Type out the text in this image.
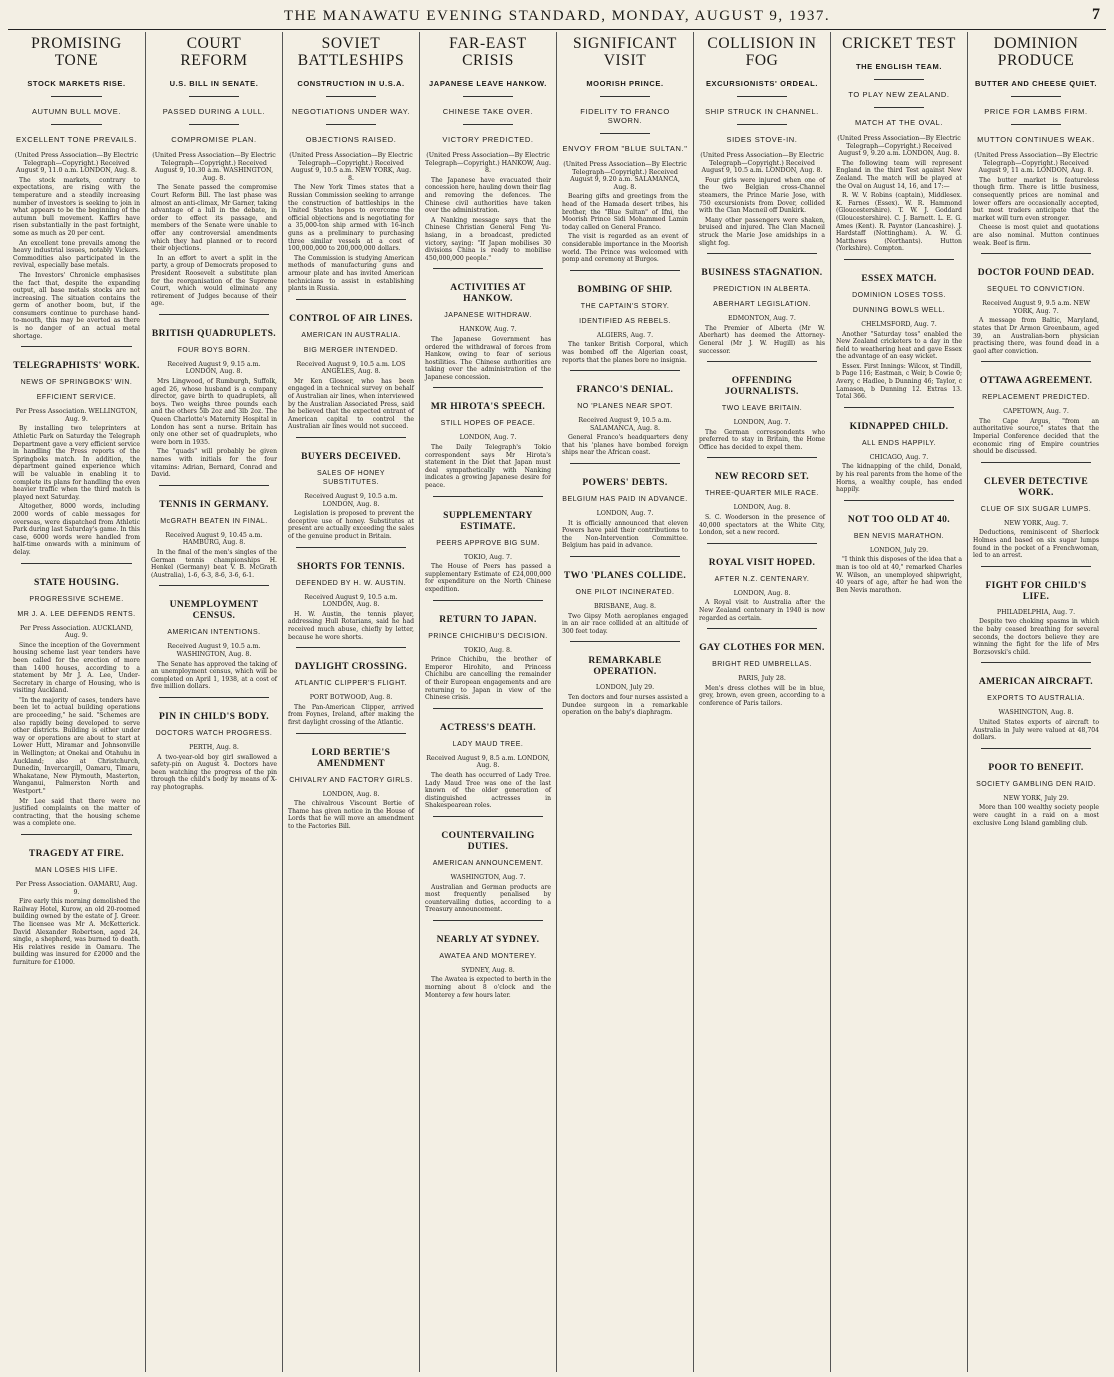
THE MANAWATU EVENING STANDARD, MONDAY, AUGUST 9, 1937.	7
PROMISING TONE
STOCK MARKETS RISE.
AUTUMN BULL MOVE.
EXCELLENT TONE PREVAILS.
(United Press Association—By Electric Telegraph—Copyright.) Received August 9, 11.0 a.m. LONDON, Aug. 8.

The stock markets, contrary to expectations, are rising with the temperature and a steadily increasing number of investors is seeking to join in what appears to be the beginning of the autumn bull movement. Kaffirs have risen substantially in the past fortnight, some as much as 20 per cent.

An excellent tone prevails among the heavy industrial issues, notably Vickers. Commodities also participated in the revival, especially base metals.

The Investors' Chronicle emphasises the fact that, despite the expanding output, all base metals stocks are not increasing. The situation contains the germ of another boom, but, if the consumers continue to purchase hand-to-mouth, this may be averted as there is no danger of an actual metal shortage.

TELEGRAPHISTS' WORK.
NEWS OF SPRINGBOKS' WIN.
EFFICIENT SERVICE.
Per Press Association. WELLINGTON, Aug. 9.

By installing two teleprinters at Athletic Park on Saturday the Telegraph Department gave a very efficient service in handling the Press reports of the Springboks match. In addition, the department gained experience which will be valuable in enabling it to complete its plans for handling the even heavier traffic when the third match is played next Saturday.

Altogether, 8000 words, including 2000 words of cable messages for overseas, were dispatched from Athletic Park during last Saturday's game. In this case, 6000 words were handled from half-time onwards with a minimum of delay.

STATE HOUSING.
PROGRESSIVE SCHEME.
MR J. A. LEE DEFENDS RENTS.
Per Press Association. AUCKLAND, Aug. 9.

Since the inception of the Government housing scheme last year tenders have been called for the erection of more than 1400 houses, according to a statement by Mr J. A. Lee, Under-Secretary in charge of Housing, who is visiting Auckland.

"In the majority of cases, tenders have been let to actual building operations are proceeding," he said. "Schemes are also rapidly being developed to serve other districts. Building is either under way or operations are about to start at Lower Hutt, Miramar and Johnsonville in Wellington; at Onekai and Otahuhu in Auckland; also at Christchurch, Dunedin, Invercargill, Oamaru, Timaru, Whakatane, New Plymouth, Masterton, Wanganui, Palmerston North and Westport."

Mr Lee said that there were no justified complaints on the matter of contracting, that the housing scheme was a complete one.

TRAGEDY AT FIRE.
MAN LOSES HIS LIFE.
Per Press Association. OAMARU, Aug. 9.

Fire early this morning demolished the Railway Hotel, Kurow, an old 20-roomed building owned by the estate of J. Greer. The licensee was Mr A. McKetterick. David Alexander Robertson, aged 24, single, a shepherd, was burned to death. His relatives reside in Oamaru. The building was insured for £2000 and the furniture for £1000.

COURT REFORM
U.S. BILL IN SENATE.
PASSED DURING A LULL.
COMPROMISE PLAN.
(United Press Association—By Electric Telegraph—Copyright.) Received August 9, 10.30 a.m. WASHINGTON, Aug. 8.

The Senate passed the compromise Court Reform Bill. The last phase was almost an anti-climax, Mr Garner, taking advantage of a lull in the debate, in order to effect its passage, and members of the Senate were unable to offer any controversial amendments which they had planned or to record their objections.

In an effort to avert a split in the party, a group of Democrats proposed to President Roosevelt a substitute plan for the reorganisation of the Supreme Court, which would eliminate any retirement of Judges because of their age.

BRITISH QUADRUPLETS.
FOUR BOYS BORN.
Received August 9, 9.15 a.m. LONDON, Aug. 8.

Mrs Lingwood, of Rumburgh, Suffolk, aged 26, whose husband is a company director, gave birth to quadruplets, all boys. Two weighs three pounds each and the others 5lb 2oz and 3lb 2oz. The Queen Charlotte's Maternity Hospital in London has sent a nurse. Britain has only one other set of quadruplets, who were born in 1935.

The "quads" will probably be given names with initials for the four vitamins: Adrian, Bernard, Conrad and David.

TENNIS IN GERMANY.
McGRATH BEATEN IN FINAL.
Received August 9, 10.45 a.m. HAMBURG, Aug. 8.

In the final of the men's singles of the German tennis championships H. Henkel (Germany) beat V. B. McGrath (Australia), 1-6, 6-3, 8-6, 3-6, 6-1.

UNEMPLOYMENT CENSUS.
AMERICAN INTENTIONS.
Received August 9, 10.5 a.m. WASHINGTON, Aug. 8.

The Senate has approved the taking of an unemployment census, which will be completed on April 1, 1938, at a cost of five million dollars.

PIN IN CHILD'S BODY.
DOCTORS WATCH PROGRESS.
PERTH, Aug. 8.

A two-year-old boy girl swallowed a safety-pin on August 4. Doctors have been watching the progress of the pin through the child's body by means of X-ray photographs.

SOVIET BATTLESHIPS
CONSTRUCTION IN U.S.A.
NEGOTIATIONS UNDER WAY.
OBJECTIONS RAISED.
(United Press Association—By Electric Telegraph—Copyright.) Received August 9, 10.5 a.m. NEW YORK, Aug. 8.

The New York Times states that a Russian Commission seeking to arrange the construction of battleships in the United States hopes to overcome the official objections and is negotiating for a 35,000-ton ship armed with 16-inch guns as a preliminary to purchasing three similar vessels at a cost of 100,000,000 to 200,000,000 dollars.

The Commission is studying American methods of manufacturing guns and armour plate and has invited American technicians to assist in establishing plants in Russia.

CONTROL OF AIR LINES.
AMERICAN IN AUSTRALIA.
BIG MERGER INTENDED.
Received August 9, 10.5 a.m. LOS ANGELES, Aug. 8.

Mr Ken Glosser, who has been engaged in a technical survey on behalf of Australian air lines, when interviewed by the Australian Associated Press, said he believed that the expected entrant of American capital to control the Australian air lines would not succeed.

BUYERS DECEIVED.
SALES OF HONEY SUBSTITUTES.
Received August 9, 10.5 a.m. LONDON, Aug. 8.

Legislation is proposed to prevent the deceptive use of honey. Substitutes at present are actually exceeding the sales of the genuine product in Britain.

SHORTS FOR TENNIS.
DEFENDED BY H. W. AUSTIN.
Received August 9, 10.5 a.m. LONDON, Aug. 8.

H. W. Austin, the tennis player, addressing Hull Rotarians, said he had received much abuse, chiefly by letter, because he wore shorts.

DAYLIGHT CROSSING.
ATLANTIC CLIPPER'S FLIGHT.
PORT BOTWOOD, Aug. 8.

The Pan-American Clipper, arrived from Foynes, Ireland, after making the first daylight crossing of the Atlantic.

LORD BERTIE'S AMENDMENT
CHIVALRY AND FACTORY GIRLS.
LONDON, Aug. 8.

The chivalrous Viscount Bertie of Thame has given notice in the House of Lords that he will move an amendment to the Factories Bill.

FAR-EAST CRISIS
JAPANESE LEAVE HANKOW.
CHINESE TAKE OVER.
VICTORY PREDICTED.
(United Press Association—By Electric Telegraph—Copyright.) HANKOW, Aug. 8.

The Japanese have evacuated their concession here, hauling down their flag and removing the defences. The Chinese civil authorities have taken over the administration.

A Nanking message says that the Chinese Christian General Feng Yu-hsiang, in a broadcast, predicted victory, saying: "If Japan mobilises 30 divisions China is ready to mobilise 450,000,000 people."

ACTIVITIES AT HANKOW.
JAPANESE WITHDRAW.
HANKOW, Aug. 7.

The Japanese Government has ordered the withdrawal of forces from Hankow, owing to fear of serious hostilities. The Chinese authorities are taking over the administration of the Japanese concession.

MR HIROTA'S SPEECH.
STILL HOPES OF PEACE.
LONDON, Aug. 7.

The Daily Telegraph's Tokio correspondent says Mr Hirota's statement in the Diet that Japan must deal sympathetically with Nanking indicates a growing Japanese desire for peace.

SUPPLEMENTARY ESTIMATE.
PEERS APPROVE BIG SUM.
TOKIO, Aug. 7.

The House of Peers has passed a supplementary Estimate of £24,000,000 for expenditure on the North Chinese expedition.

RETURN TO JAPAN.
PRINCE CHICHIBU'S DECISION.
TOKIO, Aug. 8.

Prince Chichibu, the brother of Emperor Hirohito, and Princess Chichibu are cancelling the remainder of their European engagements and are returning to Japan in view of the Chinese crisis.

ACTRESS'S DEATH.
LADY MAUD TREE.
Received August 9, 8.5 a.m. LONDON, Aug. 8.

The death has occurred of Lady Tree. Lady Maud Tree was one of the last known of the older generation of distinguished actresses in Shakespearean roles.

COUNTERVAILING DUTIES.
AMERICAN ANNOUNCEMENT.
WASHINGTON, Aug. 7.

Australian and German products are most frequently penalised by countervailing duties, according to a Treasury announcement.

NEARLY AT SYDNEY.
AWATEA AND MONTEREY.
SYDNEY, Aug. 8.

The Awatea is expected to berth in the morning about 8 o'clock and the Monterey a few hours later.

SIGNIFICANT VISIT
MOORISH PRINCE.
FIDELITY TO FRANCO SWORN.
ENVOY FROM "BLUE SULTAN."
(United Press Association—By Electric Telegraph—Copyright.) Received August 9, 9.20 a.m. SALAMANCA, Aug. 8.

Bearing gifts and greetings from the head of the Hamada desert tribes, his brother, the "Blue Sultan" of Ifni, the Moorish Prince Sidi Mohammed Lamin today called on General Franco.

The visit is regarded as an event of considerable importance in the Moorish world. The Prince was welcomed with pomp and ceremony at Burgos.

BOMBING OF SHIP.
THE CAPTAIN'S STORY.
IDENTIFIED AS REBELS.
ALGIERS, Aug. 7.

The tanker British Corporal, which was bombed off the Algerian coast, reports that the planes bore no insignia.

FRANCO'S DENIAL.
NO 'PLANES NEAR SPOT.
Received August 9, 10.5 a.m. SALAMANCA, Aug. 8.

General Franco's headquarters deny that his 'planes have bombed foreign ships near the African coast.

POWERS' DEBTS.
BELGIUM HAS PAID IN ADVANCE.
LONDON, Aug. 7.

It is officially announced that eleven Powers have paid their contributions to the Non-Intervention Committee. Belgium has paid in advance.

TWO 'PLANES COLLIDE.
ONE PILOT INCINERATED.
BRISBANE, Aug. 8.

Two Gipsy Moth aeroplanes engaged in an air race collided at an altitude of 300 feet today.

REMARKABLE OPERATION.
LONDON, July 29.

Ten doctors and four nurses assisted a Dundee surgeon in a remarkable operation on the baby's diaphragm.

COLLISION IN FOG
EXCURSIONISTS' ORDEAL.
SHIP STRUCK IN CHANNEL.
SIDES STOVE-IN.
(United Press Association—By Electric Telegraph—Copyright.) Received August 9, 10.5 a.m. LONDON, Aug. 8.

Four girls were injured when one of the two Belgian cross-Channel steamers, the Prince Marie Jose, with 750 excursionists from Dover, collided with the Clan Macneil off Dunkirk.

Many other passengers were shaken, bruised and injured. The Clan Macneil struck the Marie Jose amidships in a slight fog.

BUSINESS STAGNATION.
PREDICTION IN ALBERTA.
ABERHART LEGISLATION.
EDMONTON, Aug. 7.

The Premier of Alberta (Mr W. Aberhart) has deemed the Attorney-General (Mr J. W. Hugill) as his successor.

OFFENDING JOURNALISTS.
TWO LEAVE BRITAIN.
LONDON, Aug. 7.

The German correspondents who preferred to stay in Britain, the Home Office has decided to expel them.

NEW RECORD SET.
THREE-QUARTER MILE RACE.
LONDON, Aug. 8.

S. C. Wooderson in the presence of 40,000 spectators at the White City, London, set a new record.

ROYAL VISIT HOPED.
AFTER N.Z. CENTENARY.
LONDON, Aug. 8.

A Royal visit to Australia after the New Zealand centenary in 1940 is now regarded as certain.

GAY CLOTHES FOR MEN.
BRIGHT RED UMBRELLAS.
PARIS, July 28.

Men's dress clothes will be in blue, grey, brown, even green, according to a conference of Paris tailors.

CRICKET TEST
THE ENGLISH TEAM.
TO PLAY NEW ZEALAND.
MATCH AT THE OVAL.
(United Press Association—By Electric Telegraph—Copyright.) Received August 9, 9.20 a.m. LONDON, Aug. 8.

The following team will represent England in the third Test against New Zealand. The match will be played at the Oval on August 14, 16, and 17:—

R. W. V. Robins (captain), Middlesex. K. Farnes (Essex). W. R. Hammond (Gloucestershire). T. W. J. Goddard (Gloucestershire). C. J. Barnett. L. E. G. Ames (Kent). R. Payntor (Lancashire). J. Hardstaff (Nottingham). A. W. G. Matthews (Northants). Hutton (Yorkshire). Compton.

ESSEX MATCH.
DOMINION LOSES TOSS.
DUNNING BOWLS WELL.
CHELMSFORD, Aug. 7.

Another "Saturday toss" enabled the New Zealand cricketers to a day in the field to weathering heat and gave Essex the advantage of an easy wicket.

Essex. First Innings: Wilcox, st Tindill, b Page 116; Eastman, c Weir, b Cowie 0; Avery, c Hadlee, b Dunning 46; Taylor, c Lamason, b Dunning 12. Extras 13. Total 366.

KIDNAPPED CHILD.
ALL ENDS HAPPILY.
CHICAGO, Aug. 7.

The kidnapping of the child, Donald, by his real parents from the home of the Horns, a wealthy couple, has ended happily.

NOT TOO OLD AT 40.
BEN NEVIS MARATHON.
LONDON, July 29.

"I think this disposes of the idea that a man is too old at 40," remarked Charles W. Wilson, an unemployed shipwright, 40 years of age, after he had won the Ben Nevis marathon.

DOMINION PRODUCE
BUTTER AND CHEESE QUIET.
PRICE FOR LAMBS FIRM.
MUTTON CONTINUES WEAK.
(United Press Association—By Electric Telegraph—Copyright.) Received August 9, 11 a.m. LONDON, Aug. 8.

The butter market is featureless though firm. There is little business, consequently prices are nominal and lower offers are occasionally accepted, but most traders anticipate that the market will turn even stronger.

Cheese is most quiet and quotations are also nominal. Mutton continues weak. Beef is firm.

DOCTOR FOUND DEAD.
SEQUEL TO CONVICTION.
Received August 9, 9.5 a.m. NEW YORK, Aug. 7.

A message from Baltic, Maryland, states that Dr Armon Greenbaum, aged 39, an Australian-born physician practising there, was found dead in a gaol after conviction.

OTTAWA AGREEMENT.
REPLACEMENT PREDICTED.
CAPETOWN, Aug. 7.

The Cape Argus, "from an authoritative source," states that the Imperial Conference decided that the economic ring of Empire countries should be discussed.

CLEVER DETECTIVE WORK.
CLUE OF SIX SUGAR LUMPS.
NEW YORK, Aug. 7.

Deductions, reminiscent of Sherlock Holmes and based on six sugar lumps found in the pocket of a Frenchwoman, led to an arrest.

FIGHT FOR CHILD'S LIFE.
PHILADELPHIA, Aug. 7.

Despite two choking spasms in which the baby ceased breathing for several seconds, the doctors believe they are winning the fight for the life of Mrs Borzsovski's child.

AMERICAN AIRCRAFT.
EXPORTS TO AUSTRALIA.
WASHINGTON, Aug. 8.

United States exports of aircraft to Australia in July were valued at 48,704 dollars.

POOR TO BENEFIT.
SOCIETY GAMBLING DEN RAID.
NEW YORK, July 29.

More than 100 wealthy society people were caught in a raid on a most exclusive Long Island gambling club.
